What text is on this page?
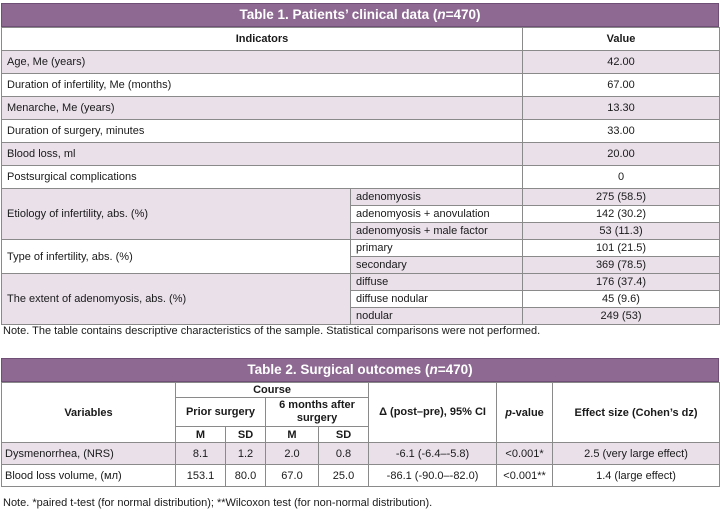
Table 1. Patients’ clinical data (n=470)
Indicators		Value
Age, Me (years)		42.00
Duration of infertility, Me (months)		67.00
Menarche, Me (years)		13.30
Duration of surgery, minutes		33.00
Blood loss, ml		20.00
Postsurgical complications		0
Etiology of infertility, abs. (%)	adenomyosis	275 (58.5)
	adenomyosis + anovulation	142 (30.2)
	adenomyosis + male factor	53 (11.3)
Type of infertility, abs. (%)	primary	101 (21.5)
	secondary	369 (78.5)
The extent of adenomyosis, abs. (%)	diffuse	176 (37.4)
	diffuse nodular	45 (9.6)
	nodular	249 (53)
Note. The table contains descriptive characteristics of the sample. Statistical comparisons were not performed.
Table 2. Surgical outcomes (n=470)
Variables	Course				Δ (post–pre), 95% CI	p-value	Effect size (Cohen’s dz)
	Prior surgery		6 months after surgery				
	M	SD	M	SD			
Dysmenorrhea, (NRS)	8.1	1.2	2.0	0.8	-6.1 (-6.4–-5.8)	<0.001*	2.5 (very large effect)
Blood loss volume, (мл)	153.1	80.0	67.0	25.0	-86.1 (-90.0–-82.0)	<0.001**	1.4 (large effect)
Note. *paired t-test (for normal distribution); **Wilcoxon test (for non-normal distribution).
